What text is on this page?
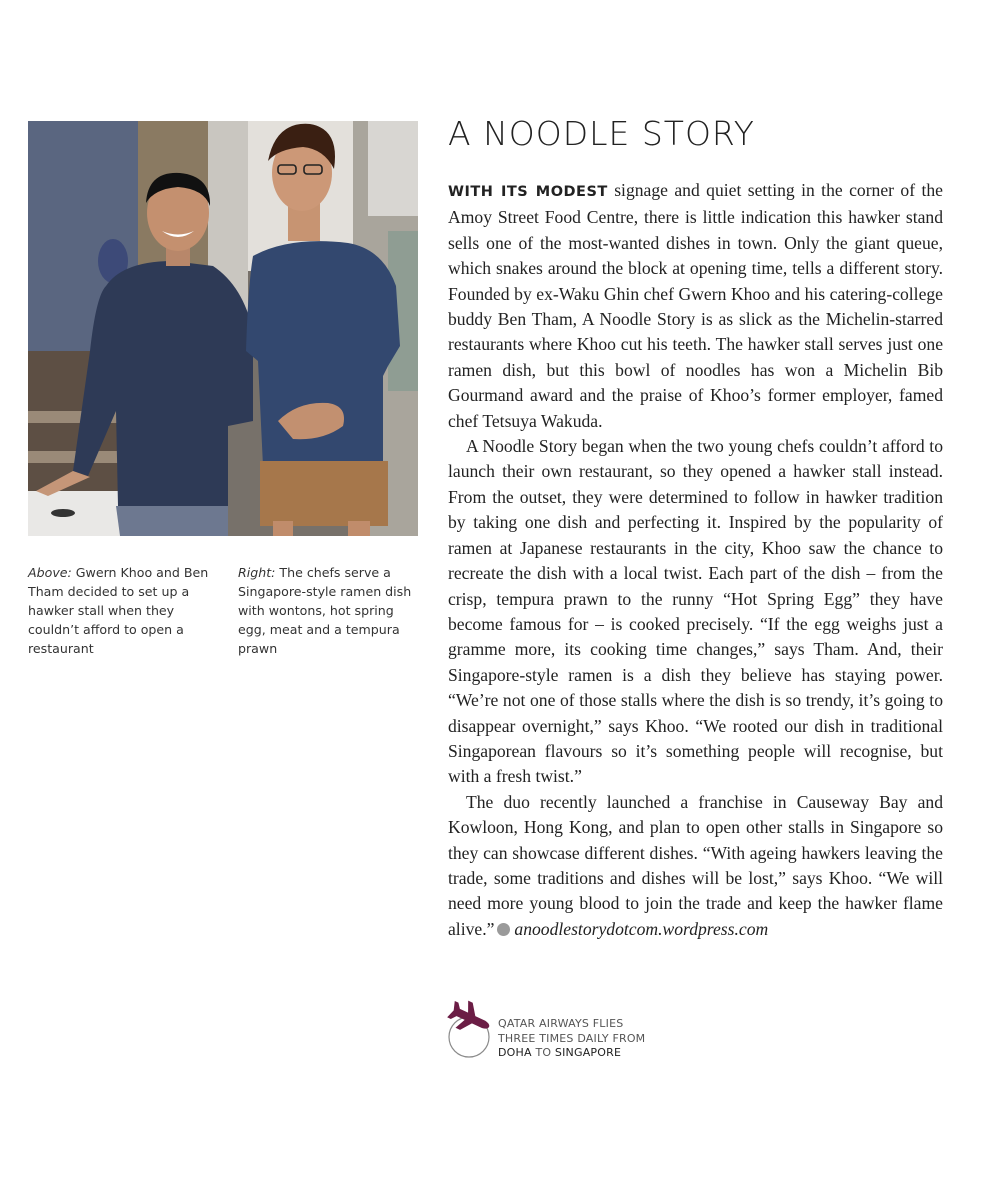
Above: Gwern Khoo and Ben Tham decided to set up a hawker stall when they couldn’t afford to open a restaurant
Right: The chefs serve a Singapore-style ramen dish with wontons, hot spring egg, meat and a tempura prawn
A NOODLE STORY

WITH ITS MODEST signage and quiet setting in the corner of the Amoy Street Food Centre, there is little indication this hawker stand sells one of the most-wanted dishes in town. Only the giant queue, which snakes around the block at opening time, tells a different story. Founded by ex-Waku Ghin chef Gwern Khoo and his catering-college buddy Ben Tham, A Noodle Story is as slick as the Michelin-starred restaurants where Khoo cut his teeth. The hawker stall serves just one ramen dish, but this bowl of noodles has won a Michelin Bib Gourmand award and the praise of Khoo’s former employer, famed chef Tetsuya Wakuda.

A Noodle Story began when the two young chefs couldn’t afford to launch their own restaurant, so they opened a hawker stall instead. From the outset, they were determined to follow in hawker tradition by taking one dish and perfecting it. Inspired by the popularity of ramen at Japanese restaurants in the city, Khoo saw the chance to recreate the dish with a local twist. Each part of the dish – from the crisp, tempura prawn to the runny “Hot Spring Egg” they have become famous for – is cooked precisely. “If the egg weighs just a gramme more, its cooking time changes,” says Tham. And, their Singapore-style ramen is a dish they believe has staying power. “We’re not one of those stalls where the dish is so trendy, it’s going to disappear overnight,” says Khoo. “We rooted our dish in traditional Singaporean flavours so it’s something people will recognise, but with a fresh twist.”

The duo recently launched a franchise in Causeway Bay and Kowloon, Hong Kong, and plan to open other stalls in Singapore so they can showcase different dishes. “With ageing hawkers leaving the trade, some traditions and dishes will be lost,” says Khoo. “We will need more young blood to join the trade and keep the hawker flame alive.” anoodlestorydotcom.wordpress.com

QATAR AIRWAYS FLIES
THREE TIMES DAILY FROM
DOHA TO SINGAPORE
